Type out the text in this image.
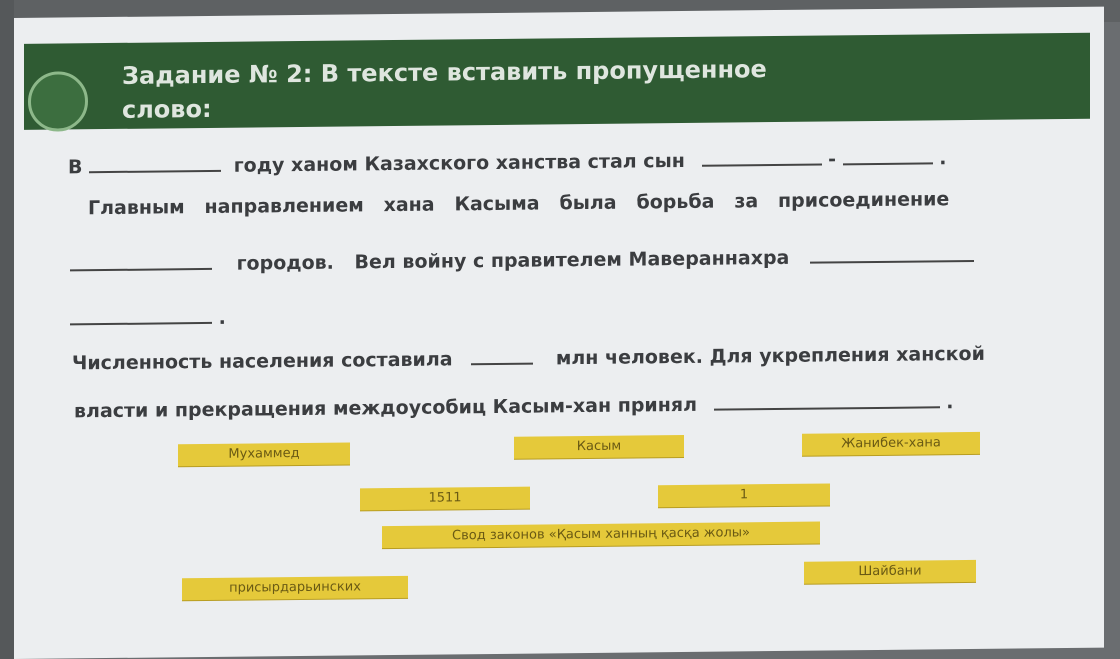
Задание № 2: В тексте вставить пропущенное
слово:
В	году ханом Казахского ханства стал сын	-	.
Главным   направлением   хана   Касыма   была   борьба   за   присоединение
городов. Вел войну с правителем Мавераннахра
.
Численность населения составила	млн человек. Для укрепления ханской
власти и прекращения междоусобиц Касым-хан принял	.
Мухаммед	Касым	Жанибек-хана
1511	1
Свод законов «Қасым ханның қасқа жолы»
Шайбани
присырдарьинских
